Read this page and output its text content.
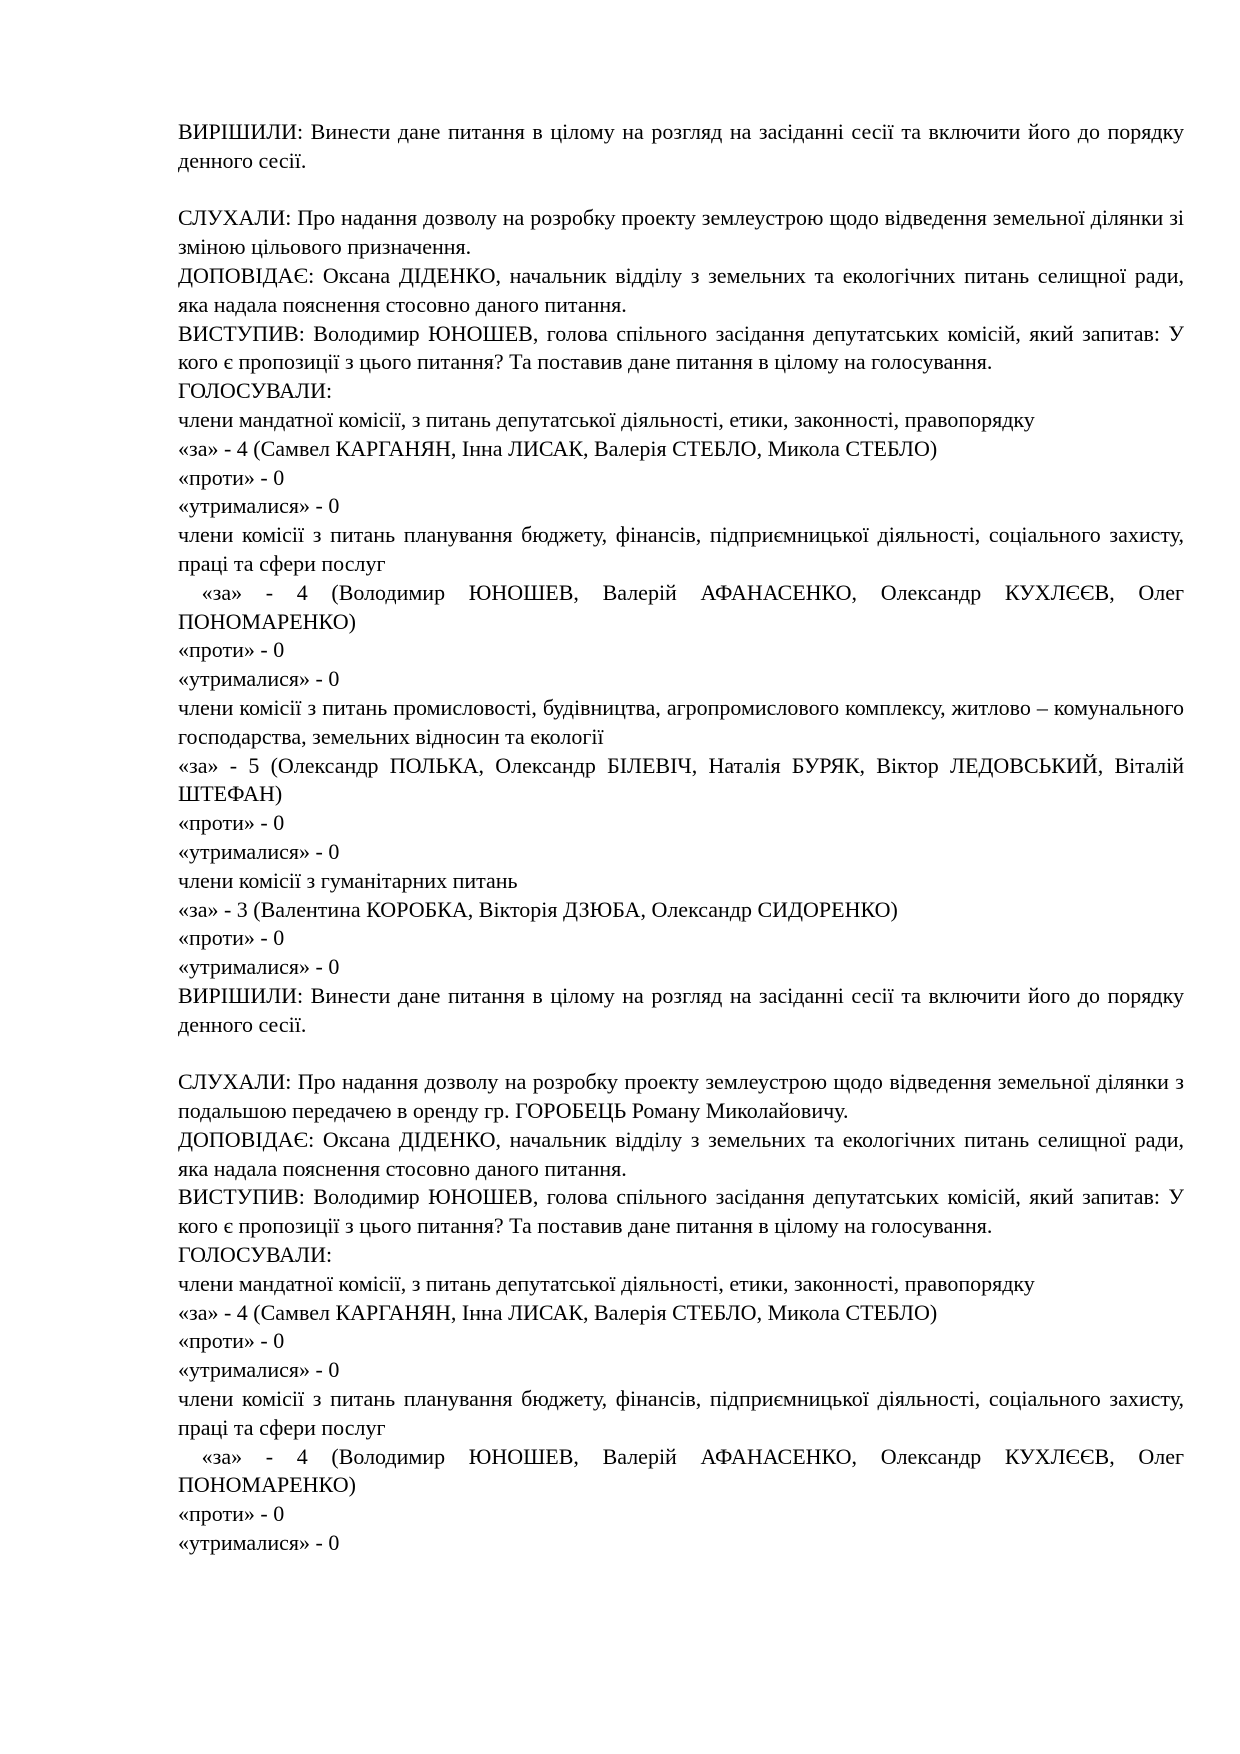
ВИРІШИЛИ: Винести дане питання в цілому на розгляд на засіданні сесії та включити його до порядку денного сесії.

СЛУХАЛИ: Про надання дозволу на розробку проекту землеустрою щодо відведення земельної ділянки зі зміною цільового призначення.

ДОПОВІДАЄ: Оксана ДІДЕНКО, начальник відділу з земельних та екологічних питань селищної ради, яка надала пояснення стосовно даного питання.

ВИСТУПИВ: Володимир ЮНОШЕВ, голова спільного засідання депутатських комісій, який запитав: У кого є пропозиції з цього питання? Та поставив дане питання в цілому на голосування.

ГОЛОСУВАЛИ:

члени мандатної комісії, з питань депутатської діяльності, етики, законності, правопорядку

«за» - 4 (Самвел КАРГАНЯН, Інна ЛИСАК, Валерія СТЕБЛО, Микола СТЕБЛО)

«проти» - 0

«утрималися» - 0

члени комісії з питань планування бюджету, фінансів, підприємницької діяльності, соціального захисту, праці та сфери послуг

«за» - 4 (Володимир ЮНОШЕВ, Валерій АФАНАСЕНКО, Олександр КУХЛЄЄВ, Олег ПОНОМАРЕНКО)

«проти» - 0

«утрималися» - 0

члени комісії з питань промисловості, будівництва, агропромислового комплексу, житлово – комунального господарства, земельних відносин та екології

«за» - 5 (Олександр ПОЛЬКА, Олександр БІЛЕВІЧ, Наталія БУРЯК, Віктор ЛЕДОВСЬКИЙ, Віталій ШТЕФАН)

«проти» - 0

«утрималися» - 0

члени комісії з гуманітарних питань

«за» - 3 (Валентина КОРОБКА, Вікторія ДЗЮБА, Олександр СИДОРЕНКО)

«проти» - 0

«утрималися» - 0

ВИРІШИЛИ: Винести дане питання в цілому на розгляд на засіданні сесії та включити його до порядку денного сесії.

СЛУХАЛИ: Про надання дозволу на розробку проекту землеустрою щодо відведення земельної ділянки з подальшою передачею в оренду гр. ГОРОБЕЦЬ Роману Миколайовичу.

ДОПОВІДАЄ: Оксана ДІДЕНКО, начальник відділу з земельних та екологічних питань селищної ради, яка надала пояснення стосовно даного питання.

ВИСТУПИВ: Володимир ЮНОШЕВ, голова спільного засідання депутатських комісій, який запитав: У кого є пропозиції з цього питання? Та поставив дане питання в цілому на голосування.

ГОЛОСУВАЛИ:

члени мандатної комісії, з питань депутатської діяльності, етики, законності, правопорядку

«за» - 4 (Самвел КАРГАНЯН, Інна ЛИСАК, Валерія СТЕБЛО, Микола СТЕБЛО)

«проти» - 0

«утрималися» - 0

члени комісії з питань планування бюджету, фінансів, підприємницької діяльності, соціального захисту, праці та сфери послуг

«за» - 4 (Володимир ЮНОШЕВ, Валерій АФАНАСЕНКО, Олександр КУХЛЄЄВ, Олег ПОНОМАРЕНКО)

«проти» - 0

«утрималися» - 0
